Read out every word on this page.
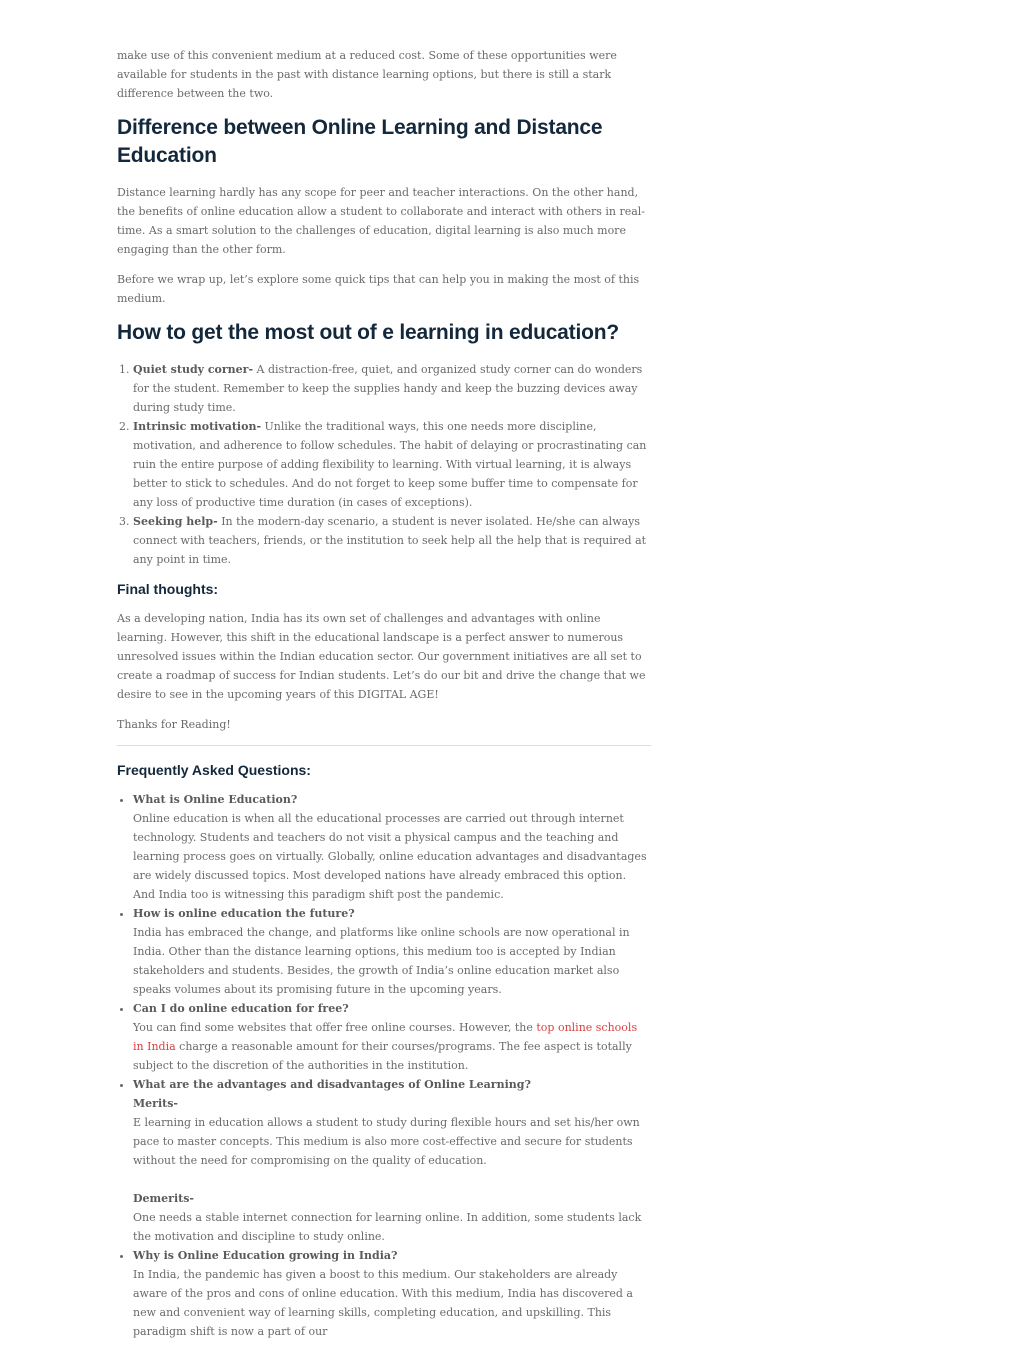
make use of this convenient medium at a reduced cost. Some of these opportunities were available for students in the past with distance learning options, but there is still a stark difference between the two.

Difference between Online Learning and Distance Education

Distance learning hardly has any scope for peer and teacher interactions. On the other hand, the benefits of online education allow a student to collaborate and interact with others in real-time. As a smart solution to the challenges of education, digital learning is also much more engaging than the other form.

Before we wrap up, let’s explore some quick tips that can help you in making the most of this medium.

How to get the most out of e learning in education?
1. Quiet study corner- A distraction-free, quiet, and organized study corner can do wonders for the student. Remember to keep the supplies handy and keep the buzzing devices away during study time.
2. Intrinsic motivation- Unlike the traditional ways, this one needs more discipline, motivation, and adherence to follow schedules. The habit of delaying or procrastinating can ruin the entire purpose of adding flexibility to learning. With virtual learning, it is always better to stick to schedules. And do not forget to keep some buffer time to compensate for any loss of productive time duration (in cases of exceptions).
3. Seeking help- In the modern-day scenario, a student is never isolated. He/she can always connect with teachers, friends, or the institution to seek help all the help that is required at any point in time.
Final thoughts:

As a developing nation, India has its own set of challenges and advantages with online learning. However, this shift in the educational landscape is a perfect answer to numerous unresolved issues within the Indian education sector. Our government initiatives are all set to create a roadmap of success for Indian students. Let’s do our bit and drive the change that we desire to see in the upcoming years of this DIGITAL AGE!

Thanks for Reading!

Frequently Asked Questions:
• What is Online Education?
Online education is when all the educational processes are carried out through internet technology. Students and teachers do not visit a physical campus and the teaching and learning process goes on virtually. Globally, online education advantages and disadvantages are widely discussed topics. Most developed nations have already embraced this option. And India too is witnessing this paradigm shift post the pandemic.
• How is online education the future?
India has embraced the change, and platforms like online schools are now operational in India. Other than the distance learning options, this medium too is accepted by Indian stakeholders and students. Besides, the growth of India’s online education market also speaks volumes about its promising future in the upcoming years.
• Can I do online education for free?
You can find some websites that offer free online courses. However, the top online schools in India charge a reasonable amount for their courses/programs. The fee aspect is totally subject to the discretion of the authorities in the institution.
• What are the advantages and disadvantages of Online Learning?
Merits-
E learning in education allows a student to study during flexible hours and set his/her own pace to master concepts. This medium is also more cost-effective and secure for students without the need for compromising on the quality of education.
Demerits-
One needs a stable internet connection for learning online. In addition, some students lack the motivation and discipline to study online.
• Why is Online Education growing in India?
In India, the pandemic has given a boost to this medium. Our stakeholders are already aware of the pros and cons of online education. With this medium, India has discovered a new and convenient way of learning skills, completing education, and upskilling. This paradigm shift is now a part of our
